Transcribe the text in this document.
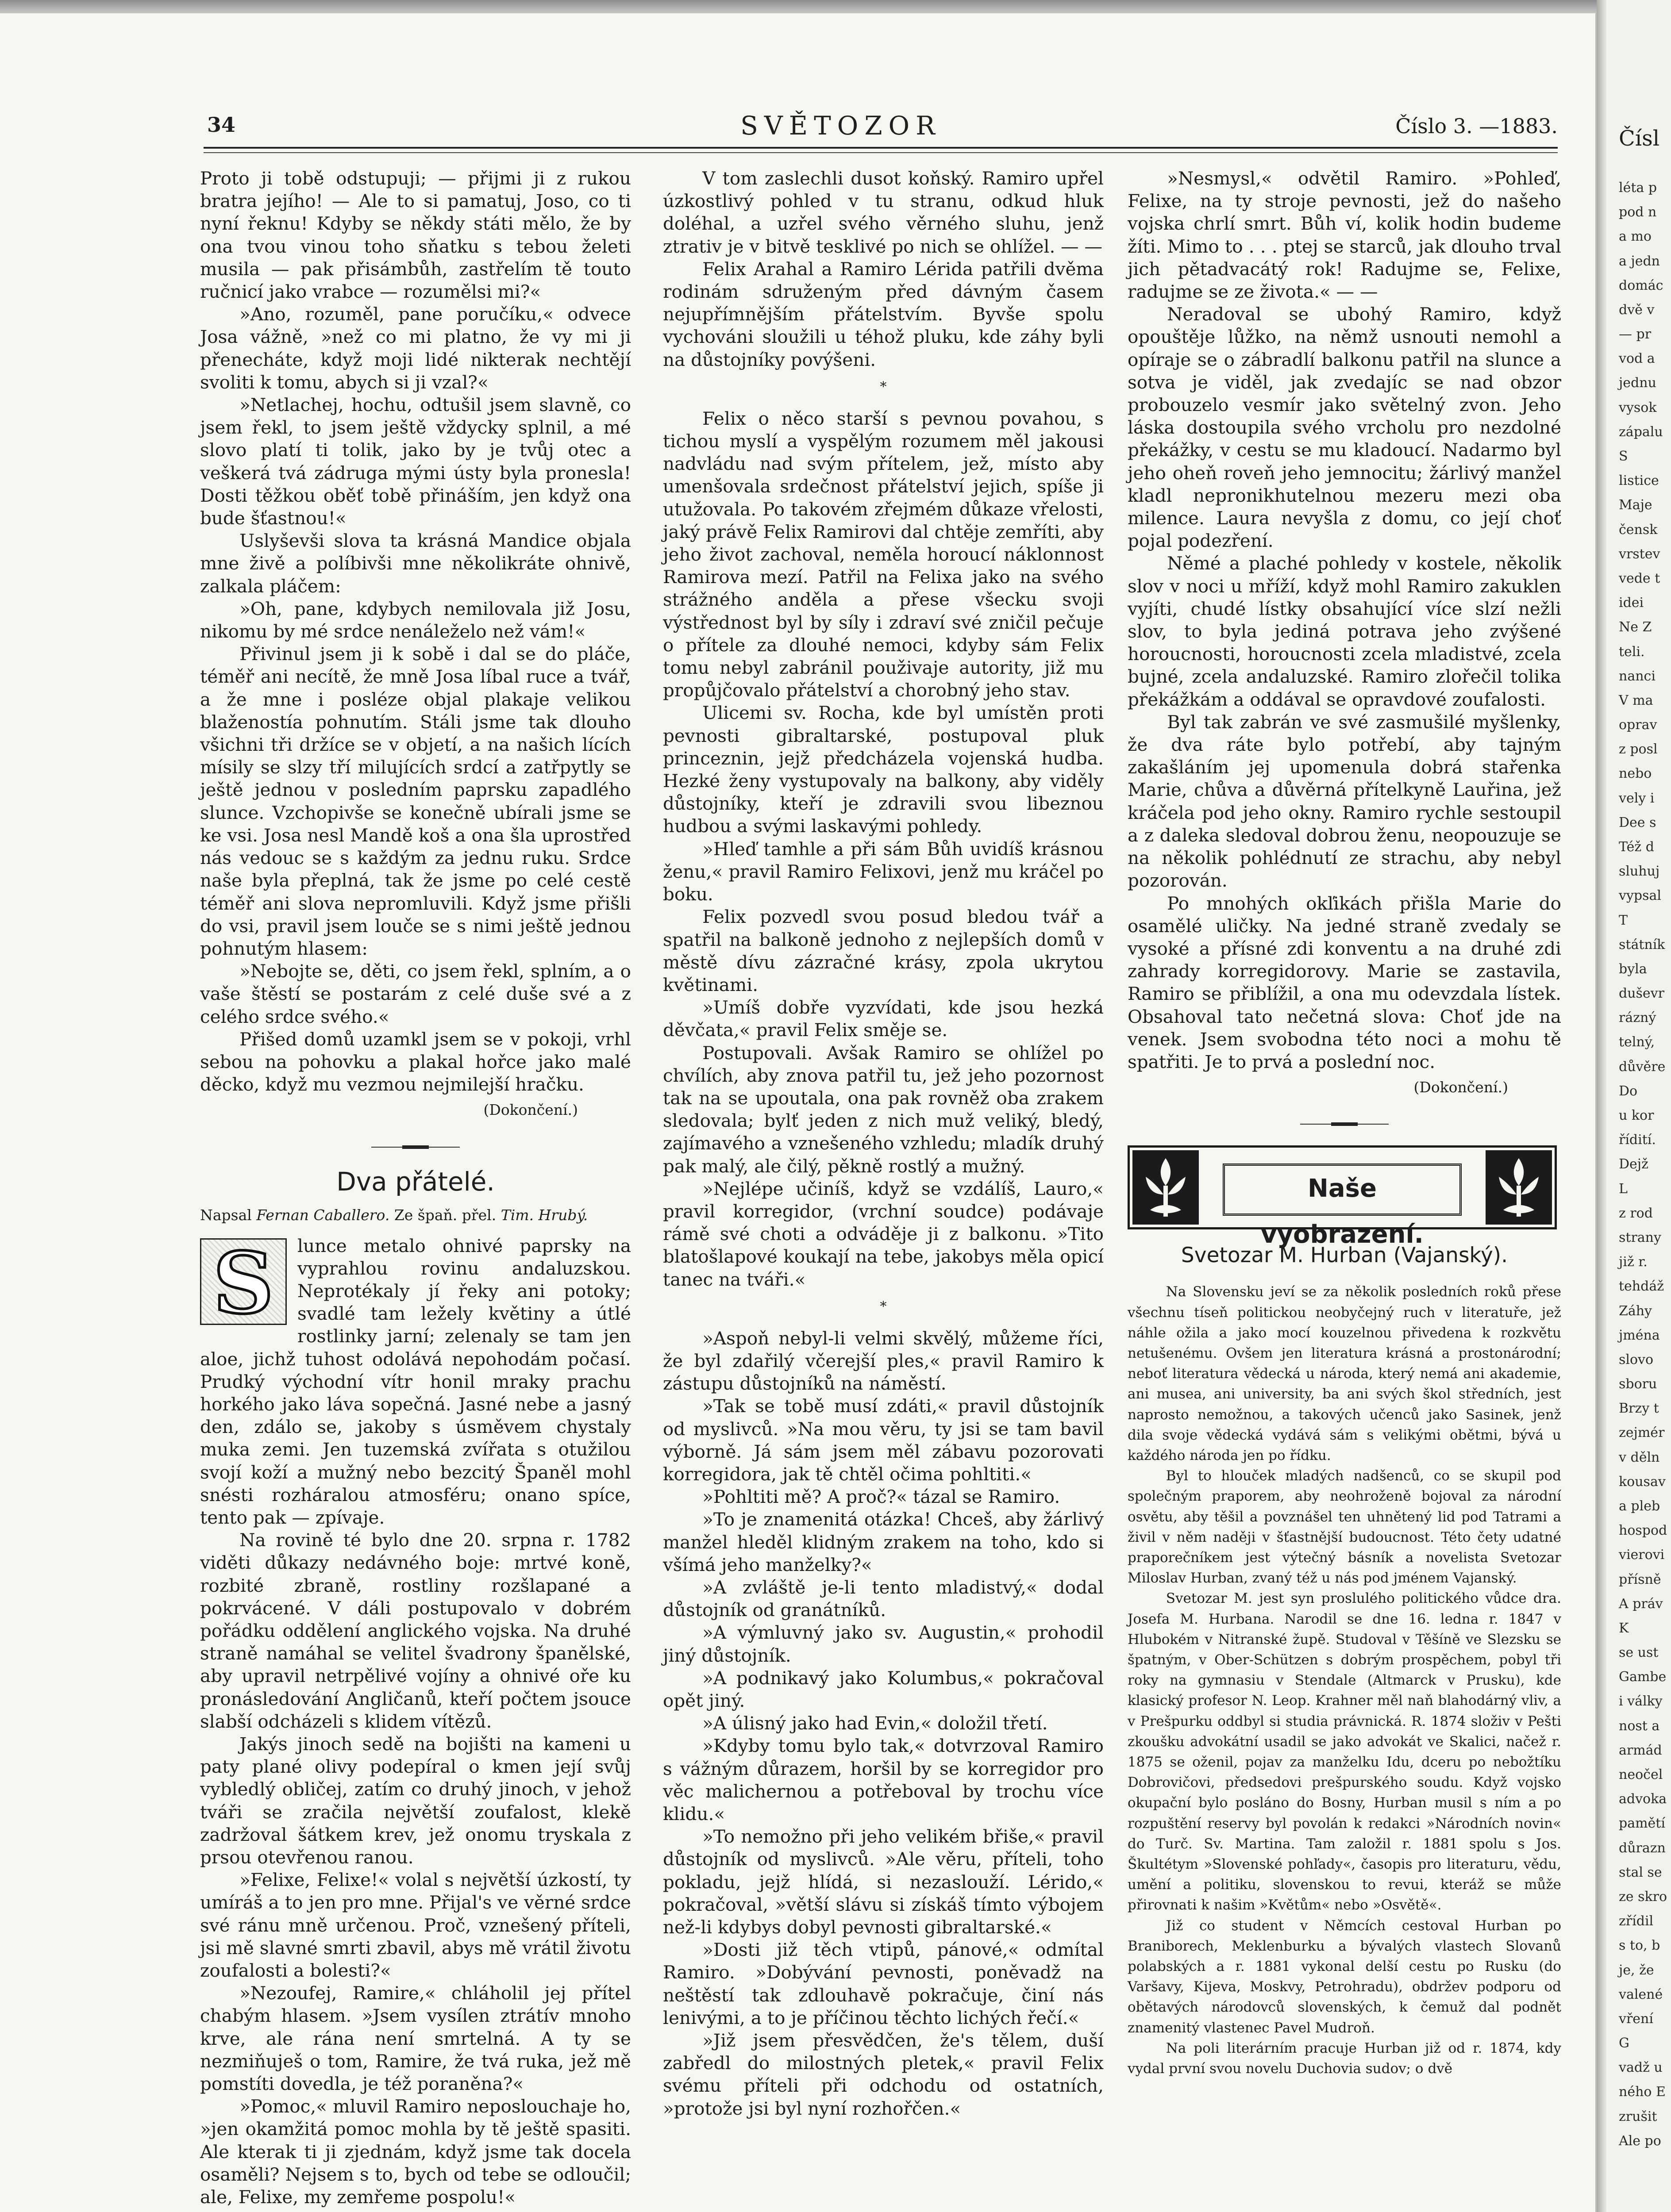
Čísl
léta p
pod n
a mo
a jedn
domác
dvě v
— pr
vod a
jednu
vysok
zápalu
S
listice
Maje
čensk
vrstev
vede t
idei
Ne Z
teli.
nanci
V ma
oprav
z posl
nebo
vely i
Dee s
Též d
sluhuj
vypsal
T
státník
byla
duševr
rázný
telný,
důvěre
Do
u kor
řídití.
Dejž
L
z rod
strany
již r.
tehdáž
Záhy
jména
slovo
sboru
Brzy t
zejmér
v děln
kousav
a pleb
hospod
vierovi
přísně
A práv
K
se ust
Gambe
i války
nost a
armád
neočel
advoka
pamětí
důrazn
stal se
ze skro
zřídil
s to, b
je, že
valené
vření
G
vadž u
ného E
zrušit
Ale po
34	SVĚTOZOR	Číslo 3. —1883.

Proto ji tobě odstupuji; — přijmi ji z rukou bratra jejího! — Ale to si pamatuj, Joso, co ti nyní řeknu! Kdyby se někdy státi mělo, že by ona tvou vinou toho sňatku s tebou želeti musila — pak přisámbůh, zastřelím tě touto ručnicí jako vrabce — rozumělsi mi?«

»Ano, rozuměl, pane poručíku,« odvece Josa vážně, »než co mi platno, že vy mi ji přenecháte, když moji lidé nikterak nechtějí svoliti k tomu, abych si ji vzal?«

»Netlachej, hochu, odtušil jsem slavně, co jsem řekl, to jsem ještě vždycky splnil, a mé slovo platí ti tolik, jako by je tvůj otec a veškerá tvá zádruga mými ústy byla pronesla! Dosti těžkou oběť tobě přináším, jen když ona bude šťastnou!«

Uslyševši slova ta krásná Mandice objala mne živě a políbivši mne několikráte ohnivě, zalkala pláčem:

»Oh, pane, kdybych nemilovala již Josu, nikomu by mé srdce nenáleželo než vám!«

Přivinul jsem ji k sobě i dal se do pláče, téměř ani necítě, že mně Josa líbal ruce a tvář, a že mne i posléze objal plakaje velikou blaženostía pohnutím. Stáli jsme tak dlouho všichni tři držíce se v objetí, a na našich lících mísily se slzy tří milujících srdcí a zatřpytly se ještě jednou v posledním paprsku zapadlého slunce. Vzchopivše se konečně ubírali jsme se ke vsi. Josa nesl Mandě koš a ona šla uprostřed nás vedouc se s každým za jednu ruku. Srdce naše byla přeplná, tak že jsme po celé cestě téměř ani slova nepromluvili. Když jsme přišli do vsi, pravil jsem louče se s nimi ještě jednou pohnutým hlasem:

»Nebojte se, děti, co jsem řekl, splním, a o vaše štěstí se postarám z celé duše své a z celého srdce svého.«

Přišed domů uzamkl jsem se v pokoji, vrhl sebou na pohovku a plakal hořce jako malé děcko, když mu vezmou nejmilejší hračku.

(Dokončení.)
Dva přátelé.
Napsal Fernan Caballero. Ze špaň. přel. Tim. Hrubý.
S	lunce metalo ohnivé paprsky na vyprahlou rovinu andaluzskou. Neprotékaly jí řeky ani potoky; svadlé tam ležely květiny a útlé rostlinky jarní; zelenaly se tam jen aloe, jichž tuhost odolává nepohodám počasí. Prudký východní vítr honil mraky prachu horkého jako láva sopečná. Jasné nebe a jasný den, zdálo se, jakoby s úsměvem chystaly muka zemi. Jen tuzemská zvířata s otužilou svojí koží a mužný nebo bezcitý Španěl mohl snésti rozháralou atmosféru; onano spíce, tento pak — zpívaje.

Na rovině té bylo dne 20. srpna r. 1782 viděti důkazy nedávného boje: mrtvé koně, rozbité zbraně, rostliny rozšlapané a pokrvácené. V dáli postupovalo v dobrém pořádku oddělení anglického vojska. Na druhé straně namáhal se velitel švadrony španělské, aby upravil netrpělivé vojíny a ohnivé oře ku pronásledování Angličanů, kteří počtem jsouce slabší odcházeli s klidem vítězů.

Jakýs jinoch sedě na bojišti na kameni u paty plané olivy podepíral o kmen její svůj vybledlý obličej, zatím co druhý jinoch, v jehož tváři se zračila největší zoufalost, klekě zadržoval šátkem krev, jež onomu tryskala z prsou otevřenou ranou.

»Felixe, Felixe!« volal s největší úzkostí, ty umíráš a to jen pro mne. Přijal's ve věrné srdce své ránu mně určenou. Proč, vznešený příteli, jsi mě slavné smrti zbavil, abys mě vrátil životu zoufalosti a bolesti?«

»Nezoufej, Ramire,« chláholil jej přítel chabým hlasem. »Jsem vysílen ztrátív mnoho krve, ale rána není smrtelná. A ty se nezmiňuješ o tom, Ramire, že tvá ruka, jež mě pomstíti dovedla, je též poraněna?«

»Pomoc,« mluvil Ramiro neposlouchaje ho, »jen okamžitá pomoc mohla by tě ještě spasiti. Ale kterak ti ji zjednám, když jsme tak docela osaměli? Nejsem s to, bych od tebe se odloučil; ale, Felixe, my zemřeme pospolu!«

V tom zaslechli dusot koňský. Ramiro upřel úzkostlivý pohled v tu stranu, odkud hluk doléhal, a uzřel svého věrného sluhu, jenž ztrativ je v bitvě tesklivé po nich se ohlížel. — —

Felix Arahal a Ramiro Lérida patřili dvěma rodinám sdruženým před dávným časem nejupřímnějším přátelstvím. Byvše spolu vychováni sloužili u téhož pluku, kde záhy byli na důstojníky povýšeni.

*

Felix o něco starší s pevnou povahou, s tichou myslí a vyspělým rozumem měl jakousi nadvládu nad svým přítelem, jež, místo aby umenšovala srdečnost přátelství jejich, spíše ji utužovala. Po takovém zřejmém důkaze vřelosti, jaký právě Felix Ramirovi dal chtěje zemříti, aby jeho život zachoval, neměla horoucí náklonnost Ramirova mezí. Patřil na Felixa jako na svého strážného anděla a přese všecku svoji výstřednost byl by síly i zdraví své zničil pečuje o přítele za dlouhé nemoci, kdyby sám Felix tomu nebyl zabránil použivaje autority, již mu propůjčovalo přátelství a chorobný jeho stav.

Ulicemi sv. Rocha, kde byl umístěn proti pevnosti gibraltarské, postupoval pluk princeznin, jejž předcházela vojenská hudba. Hezké ženy vystupovaly na balkony, aby viděly důstojníky, kteří je zdravili svou libeznou hudbou a svými laskavými pohledy.

»Hleď tamhle a při sám Bůh uvidíš krásnou ženu,« pravil Ramiro Felixovi, jenž mu kráčel po boku.

Felix pozvedl svou posud bledou tvář a spatřil na balkoně jednoho z nejlepších domů v městě dívu zázračné krásy, zpola ukrytou květinami.

»Umíš dobře vyzvídati, kde jsou hezká děvčata,« pravil Felix směje se.

Postupovali. Avšak Ramiro se ohlížel po chvílích, aby znova patřil tu, jež jeho pozornost tak na se upoutala, ona pak rovněž oba zrakem sledovala; bylť jeden z nich muž veliký, bledý, zajímavého a vznešeného vzhledu; mladík druhý pak malý, ale čilý, pěkně rostlý a mužný.

»Nejlépe učiníš, když se vzdálíš, Lauro,« pravil korregidor, (vrchní soudce) podávaje rámě své choti a odváděje ji z balkonu. »Tito blatošlapové koukají na tebe, jakobys měla opicí tanec na tváři.«

*

»Aspoň nebyl-li velmi skvělý, můžeme říci, že byl zdařilý včerejší ples,« pravil Ramiro k zástupu důstojníků na náměstí.

»Tak se tobě musí zdáti,« pravil důstojník od myslivců. »Na mou věru, ty jsi se tam bavil výborně. Já sám jsem měl zábavu pozorovati korregidora, jak tě chtěl očima pohltiti.«

»Pohltiti mě? A proč?« tázal se Ramiro.

»To je znamenitá otázka! Chceš, aby žárlivý manžel hleděl klidným zrakem na toho, kdo si všímá jeho manželky?«

»A zvláště je-li tento mladistvý,« dodal důstojník od granátníků.

»A výmluvný jako sv. Augustin,« prohodil jiný důstojník.

»A podnikavý jako Kolumbus,« pokračoval opět jiný.

»A úlisný jako had Evin,« doložil třetí.

»Kdyby tomu bylo tak,« dotvrzoval Ramiro s vážným důrazem, horšil by se korregidor pro věc malichernou a potřeboval by trochu více klidu.«

»To nemožno při jeho velikém břiše,« pravil důstojník od myslivců. »Ale věru, příteli, toho pokladu, jejž hlídá, si nezaslouží. Lérido,« pokračoval, »větší slávu si získáš tímto výbojem než-li kdybys dobyl pevnosti gibraltarské.«

»Dosti již těch vtipů, pánové,« odmítal Ramiro. »Dobývání pevnosti, poněvadž na neštěstí tak zdlouhavě pokračuje, činí nás lenivými, a to je příčinou těchto lichých řečí.«

»Již jsem přesvědčen, že's tělem, duší zabředl do milostných pletek,« pravil Felix svému příteli při odchodu od ostatních, »protože jsi byl nyní rozhořčen.«

»Nesmysl,« odvětil Ramiro. »Pohleď, Felixe, na ty stroje pevnosti, jež do našeho vojska chrlí smrt. Bůh ví, kolik hodin budeme žíti. Mimo to . . . ptej se starců, jak dlouho trval jich pětadvacátý rok! Radujme se, Felixe, radujme se ze života.« — —

Neradoval se ubohý Ramiro, když opouštěje lůžko, na němž usnouti nemohl a opíraje se o zábradlí balkonu patřil na slunce a sotva je viděl, jak zvedajíc se nad obzor probouzelo vesmír jako světelný zvon. Jeho láska dostoupila svého vrcholu pro nezdolné překážky, v cestu se mu kladoucí. Nadarmo byl jeho oheň roveň jeho jemnocitu; žárlivý manžel kladl nepronikhutelnou mezeru mezi oba milence. Laura nevyšla z domu, co její choť pojal podezření.

Němé a plaché pohledy v kostele, několik slov v noci u mříží, když mohl Ramiro zakuklen vyjíti, chudé lístky obsahující více slzí nežli slov, to byla jediná potrava jeho zvýšené horoucnosti, horoucnosti zcela mladistvé, zcela bujné, zcela andaluzské. Ramiro zlořečil tolika překážkám a oddával se opravdové zoufalosti.

Byl tak zabrán ve své zasmušilé myšlenky, že dva ráte bylo potřebí, aby tajným zakašláním jej upomenula dobrá stařenka Marie, chůva a důvěrná přítelkyně Lauřina, jež kráčela pod jeho okny. Ramiro rychle sestoupil a z daleka sledoval dobrou ženu, neopouzuje se na několik pohlédnutí ze strachu, aby nebyl pozorován.

Po mnohých okľikách přišla Marie do osamělé uličky. Na jedné straně zvedaly se vysoké a přísné zdi konventu a na druhé zdi zahrady korregidorovy. Marie se zastavila, Ramiro se přiblížil, a ona mu odevzdala lístek. Obsahoval tato nečetná slova: Choť jde na venek. Jsem svobodna této noci a mohu tě spatřiti. Je to prvá a poslední noc.

(Dokončení.)
Naše vyobrazení.
Svetozar M. Hurban (Vajanský).

Na Slovensku jeví se za několik posledních roků přese všechnu tíseň politickou neobyčejný ruch v literatuře, jež náhle ožila a jako mocí kouzelnou přivedena k rozkvětu netušenému. Ovšem jen literatura krásná a prostonárodní; neboť literatura vědecká u národa, který nemá ani akademie, ani musea, ani university, ba ani svých škol středních, jest naprosto nemožnou, a takových učenců jako Sasinek, jenž dila svoje vědecká vydává sám s velikými obětmi, bývá u každého národa jen po řídku.

Byl to hlouček mladých nadšenců, co se skupil pod společným praporem, aby neohroženě bojoval za národní osvětu, aby těšil a povznášel ten uhnětený lid pod Tatrami a živil v něm naději v šťastnější budoucnost. Této čety udatné praporečníkem jest výtečný básník a novelista Svetozar Miloslav Hurban, zvaný též u nás pod jménem Vajanský.

Svetozar M. jest syn proslulého politického vůdce dra. Josefa M. Hurbana. Narodil se dne 16. ledna r. 1847 v Hlubokém v Nitranské župě. Studoval v Těšíně ve Slezsku se špatným, v Ober-Schützen s dobrým prospěchem, pobyl tři roky na gymnasiu v Stendale (Altmarck v Prusku), kde klasický profesor N. Leop. Krahner měl naň blahodárný vliv, a v Prešpurku oddbyl si studia právnická. R. 1874 složiv v Pešti zkoušku advokátní usadil se jako advokát ve Skalici, načež r. 1875 se oženil, pojav za manželku Idu, dceru po nebožtíku Dobrovičovi, předsedovi prešpurského soudu. Když vojsko okupační bylo posláno do Bosny, Hurban musil s ním a po rozpuštění reservy byl povolán k redakci »Národních novin« do Turč. Sv. Martina. Tam založil r. 1881 spolu s Jos. Škultétym »Slovenské pohľady«, časopis pro literaturu, vědu, umění a politiku, slovenskou to revui, kteráž se může přirovnati k našim »Květům« nebo »Osvětě«.

Již co student v Němcích cestoval Hurban po Braniborech, Meklenburku a bývalých vlastech Slovanů polabských a r. 1881 vykonal delší cestu po Rusku (do Varšavy, Kijeva, Moskvy, Petrohradu), obdržev podporu od obětavých národovců slovenských, k čemuž dal podnět znamenitý vlastenec Pavel Mudroň.

Na poli literárním pracuje Hurban již od r. 1874, kdy vydal první svou novelu Duchovia sudov; o dvě
